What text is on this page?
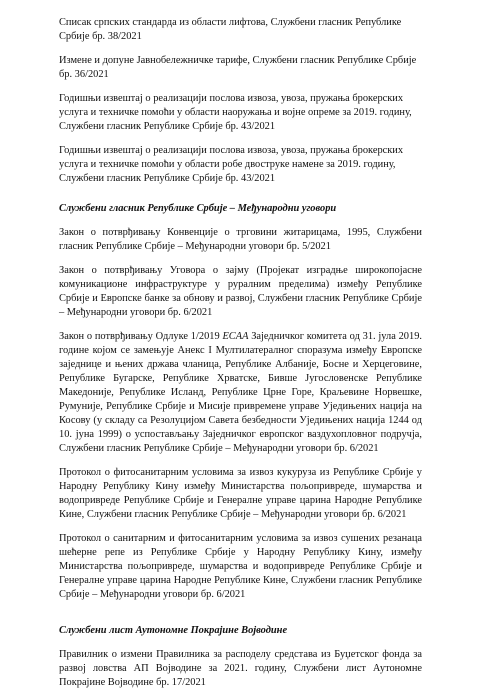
Списак српских стандарда из области лифтова, Службени гласник Републике Србије бр. 38/2021

Измене и допуне Јавнобележничке тарифе, Службени гласник Републике Србије бр. 36/2021

Годишњи извештај о реализацији послова извоза, увоза, пружања брокерских услуга и техничке помоћи у области наоружања и војне опреме за 2019. годину, Службени гласник Републике Србије бр. 43/2021

Годишњи извештај о реализацији послова извоза, увоза, пружања брокерских услуга и техничке помоћи у области робе двоструке намене за 2019. годину, Службени гласник Републике Србије бр. 43/2021

Службени гласник Републике Србије – Међународни уговори

Закон о потврђивању Конвенције о трговини житарицама, 1995, Службени гласник Републике Србије – Међународни уговори бр. 5/2021

Закон о потврђивању Уговора о зајму (Пројекат изградње широкопојасне комуникационе инфраструктуре у руралним пределима) између Републике Србије и Европске банке за обнову и развој, Службени гласник Републике Србије – Међународни уговори бр. 6/2021

Закон о потврђивању Одлуке 1/2019 ECAA Заједничког комитета од 31. јула 2019. године којом се замењује Анекс I Мултилатералног споразума између Европске заједнице и њених држава чланица, Републике Албаније, Босне и Херцеговине, Републике Бугарске, Републике Хрватске, Бивше Југословенске Републике Македоније, Републике Исланд, Републике Црне Горе, Краљевине Норвешке, Румуније, Републике Србије и Мисије привремене управе Уједињених нација на Косову (у складу са Резолуцијом Савета безбедности Уједињених нација 1244 од 10. јуна 1999) о успостављању Заједничког европског ваздухопловног подручја, Службени гласник Републике Србије – Међународни уговори бр. 6/2021

Протокол о фитосанитарним условима за извоз кукуруза из Републике Србије у Народну Републику Кину између Министарства пољопривреде, шумарства и водопривреде Републике Србије и Генералне управе царина Народне Републике Кине, Службени гласник Републике Србије – Међународни уговори бр. 6/2021

Протокол о санитарним и фитосанитарним условима за извоз сушених резанаца шећерне репе из Републике Србије у Народну Републику Кину, између Министарства пољопривреде, шумарства и водопривреде Републике Србије и Генералне управе царина Народне Републике Кине, Службени гласник Републике Србије – Међународни уговори бр. 6/2021

Службени лист Аутономне Покрајине Војводине

Правилник о измени Правилника за расподелу средстава из Буџетског фонда за развој ловства АП Војводине за 2021. годину, Службени лист Аутономне Покрајине Војводине бр. 17/2021
